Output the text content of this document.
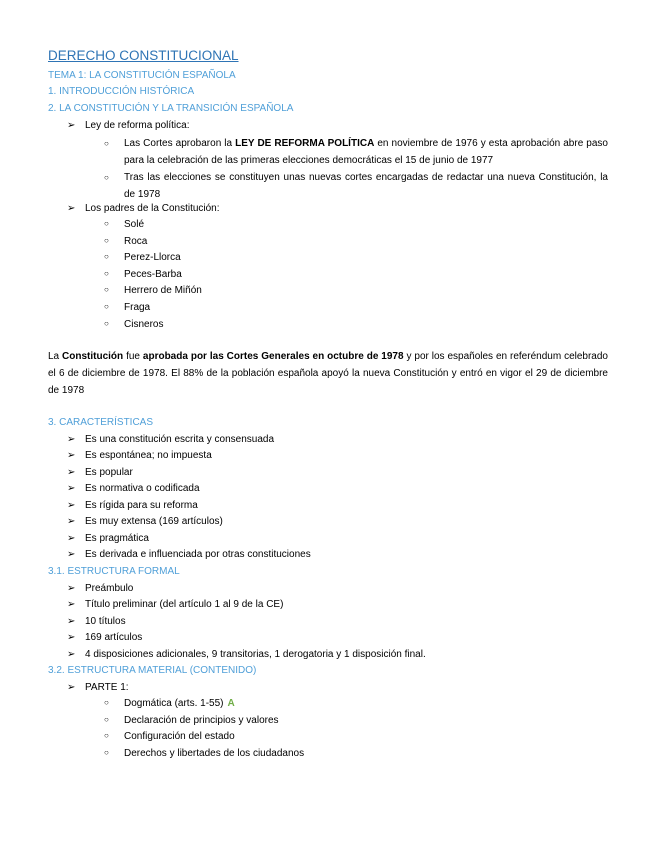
DERECHO CONSTITUCIONAL
TEMA 1: LA CONSTITUCIÓN ESPAÑOLA
1. INTRODUCCIÓN HISTÓRICA
2. LA CONSTITUCIÓN Y LA TRANSICIÓN ESPAÑOLA
➢ Ley de reforma política:
○	Las Cortes aprobaron la LEY DE REFORMA POLÍTICA en noviembre de 1976 y esta aprobación abre paso para la celebración de las primeras elecciones democráticas el 15 de junio de 1977
○	Tras las elecciones se constituyen unas nuevas cortes encargadas de redactar una nueva Constitución, la de 1978
➢ Los padres de la Constitución:
○ Solé
○ Roca
○ Perez-Llorca
○ Peces-Barba
○ Herrero de Miñón
○ Fraga
○ Cisneros
La Constitución fue aprobada por las Cortes Generales en octubre de 1978 y por los españoles en referéndum celebrado el 6 de diciembre de 1978. El 88% de la población española apoyó la nueva Constitución y entró en vigor el 29 de diciembre de 1978
3. CARACTERÍSTICAS
➢ Es una constitución escrita y consensuada
➢ Es espontánea; no impuesta
➢ Es popular
➢ Es normativa o codificada
➢ Es rígida para su reforma
➢ Es muy extensa (169 artículos)
➢ Es pragmática
➢ Es derivada e influenciada por otras constituciones
3.1. ESTRUCTURA FORMAL
➢ Preámbulo
➢ Título preliminar (del artículo 1 al 9 de la CE)
➢ 10 títulos
➢ 169 artículos
➢ 4 disposiciones adicionales, 9 transitorias, 1 derogatoria y 1 disposición final.
3.2. ESTRUCTURA MATERIAL (CONTENIDO)
➢ PARTE 1:
○ Dogmática (arts. 1-55) A
○ Declaración de principios y valores
○ Configuración del estado
○ Derechos y libertades de los ciudadanos
